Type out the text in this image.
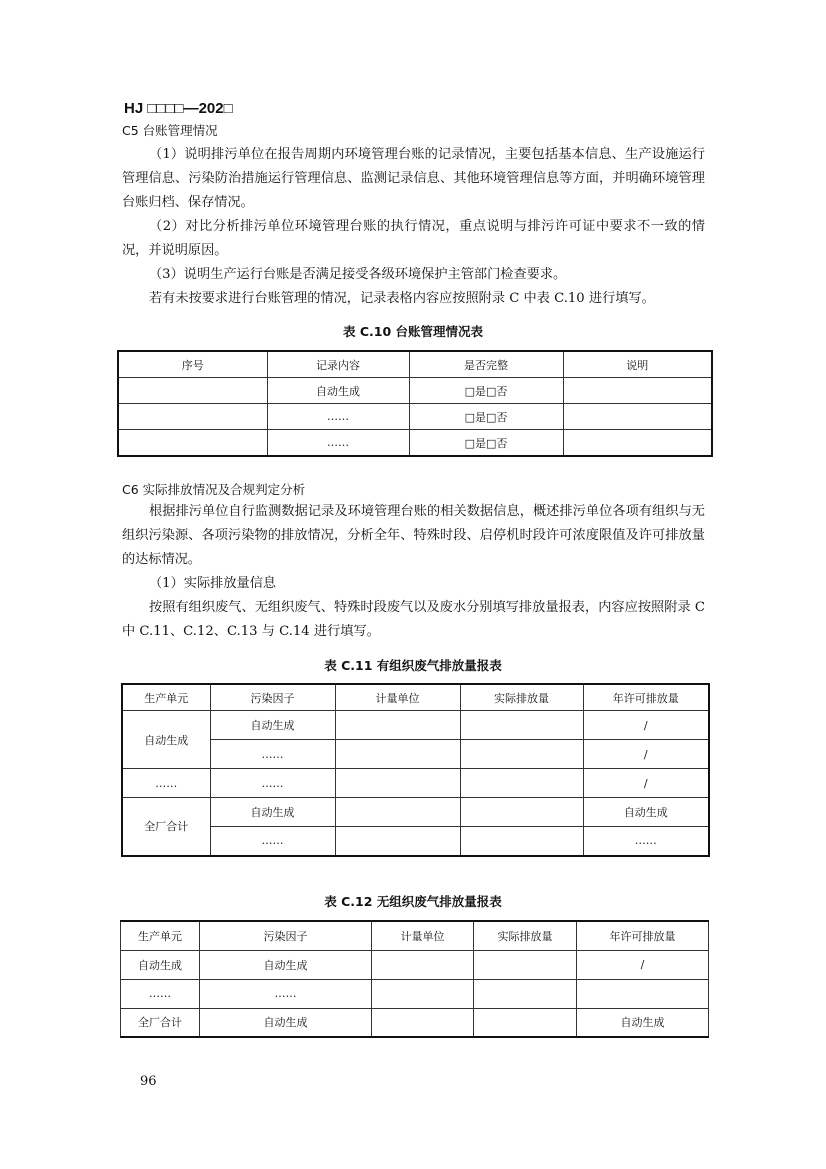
HJ □□□□—202□
C5 台账管理情况
（1）说明排污单位在报告周期内环境管理台账的记录情况，主要包括基本信息、生产设施运行管理信息、污染防治措施运行管理信息、监测记录信息、其他环境管理信息等方面，并明确环境管理台账归档、保存情况。
（2）对比分析排污单位环境管理台账的执行情况，重点说明与排污许可证中要求不一致的情况，并说明原因。
（3）说明生产运行台账是否满足接受各级环境保护主管部门检查要求。
若有未按要求进行台账管理的情况，记录表格内容应按照附录 C 中表 C.10 进行填写。
表 C.10 台账管理情况表
序号	记录内容	是否完整	说明
	自动生成	□是□否	
	……	□是□否	
	……	□是□否	
C6 实际排放情况及合规判定分析
根据排污单位自行监测数据记录及环境管理台账的相关数据信息，概述排污单位各项有组织与无组织污染源、各项污染物的排放情况，分析全年、特殊时段、启停机时段许可浓度限值及许可排放量的达标情况。
（1）实际排放量信息
按照有组织废气、无组织废气、特殊时段废气以及废水分别填写排放量报表，内容应按照附录 C 中 C.11、C.12、C.13 与 C.14 进行填写。
表 C.11 有组织废气排放量报表
生产单元	污染因子	计量单位	实际排放量	年许可排放量
自动生成	自动生成			/
	……			/
……	……			/
全厂合计	自动生成			自动生成
	……			……
表 C.12 无组织废气排放量报表
生产单元	污染因子	计量单位	实际排放量	年许可排放量
自动生成	自动生成			/
……	……			
全厂合计	自动生成			自动生成
96
